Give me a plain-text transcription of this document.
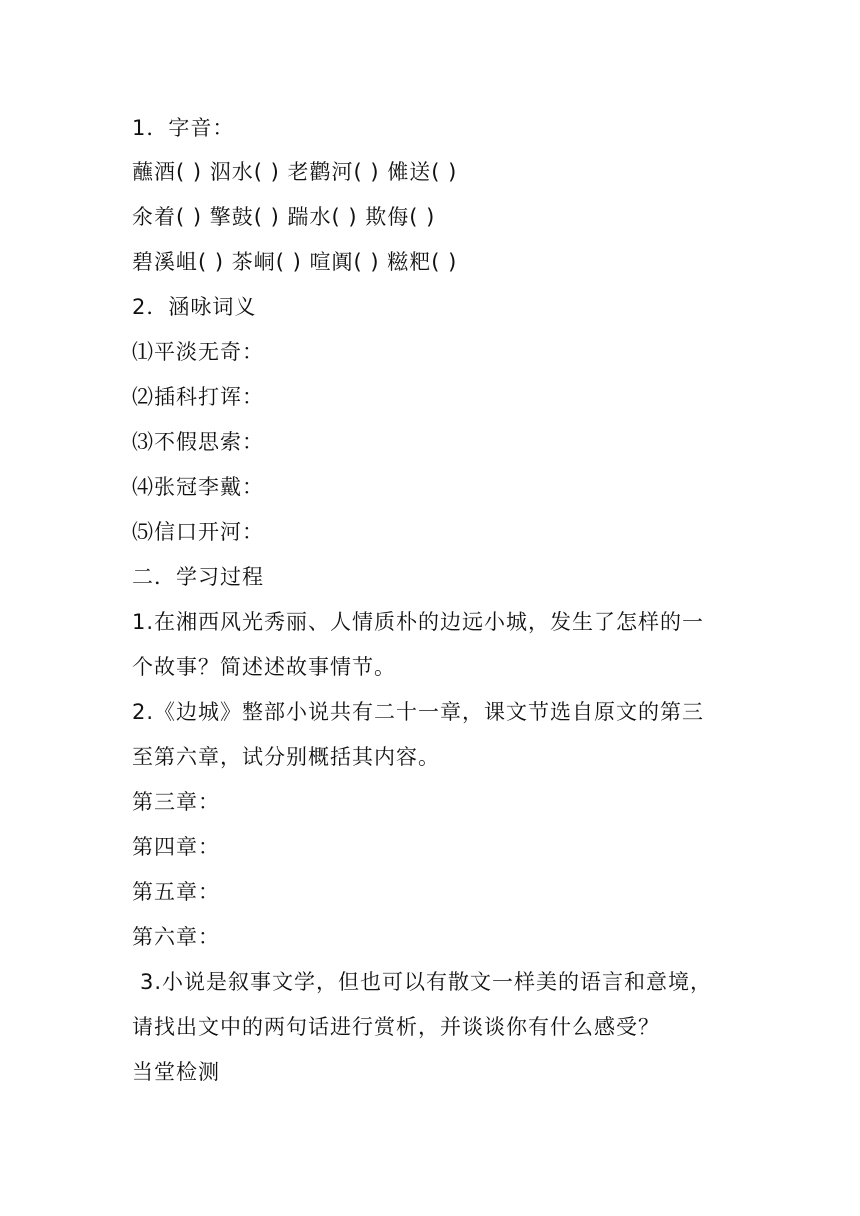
1．字音：
蘸酒( ) 泅水( ) 老鹳河( ) 傩送( )
氽着( ) 擎鼓( ) 踹水( ) 欺侮( )
碧溪岨( ) 茶峒( ) 喧阗( ) 糍粑( )
2．涵咏词义
⑴平淡无奇：
⑵插科打诨：
⑶不假思索：
⑷张冠李戴：
⑸信口开河：
二．学习过程
1.在湘西风光秀丽、人情质朴的边远小城，发生了怎样的一
个故事？简述述故事情节。
2.《边城》整部小说共有二十一章，课文节选自原文的第三
至第六章，试分别概括其内容。
第三章：
第四章：
第五章：
第六章：
3.小说是叙事文学，但也可以有散文一样美的语言和意境，
请找出文中的两句话进行赏析，并谈谈你有什么感受？
当堂检测
